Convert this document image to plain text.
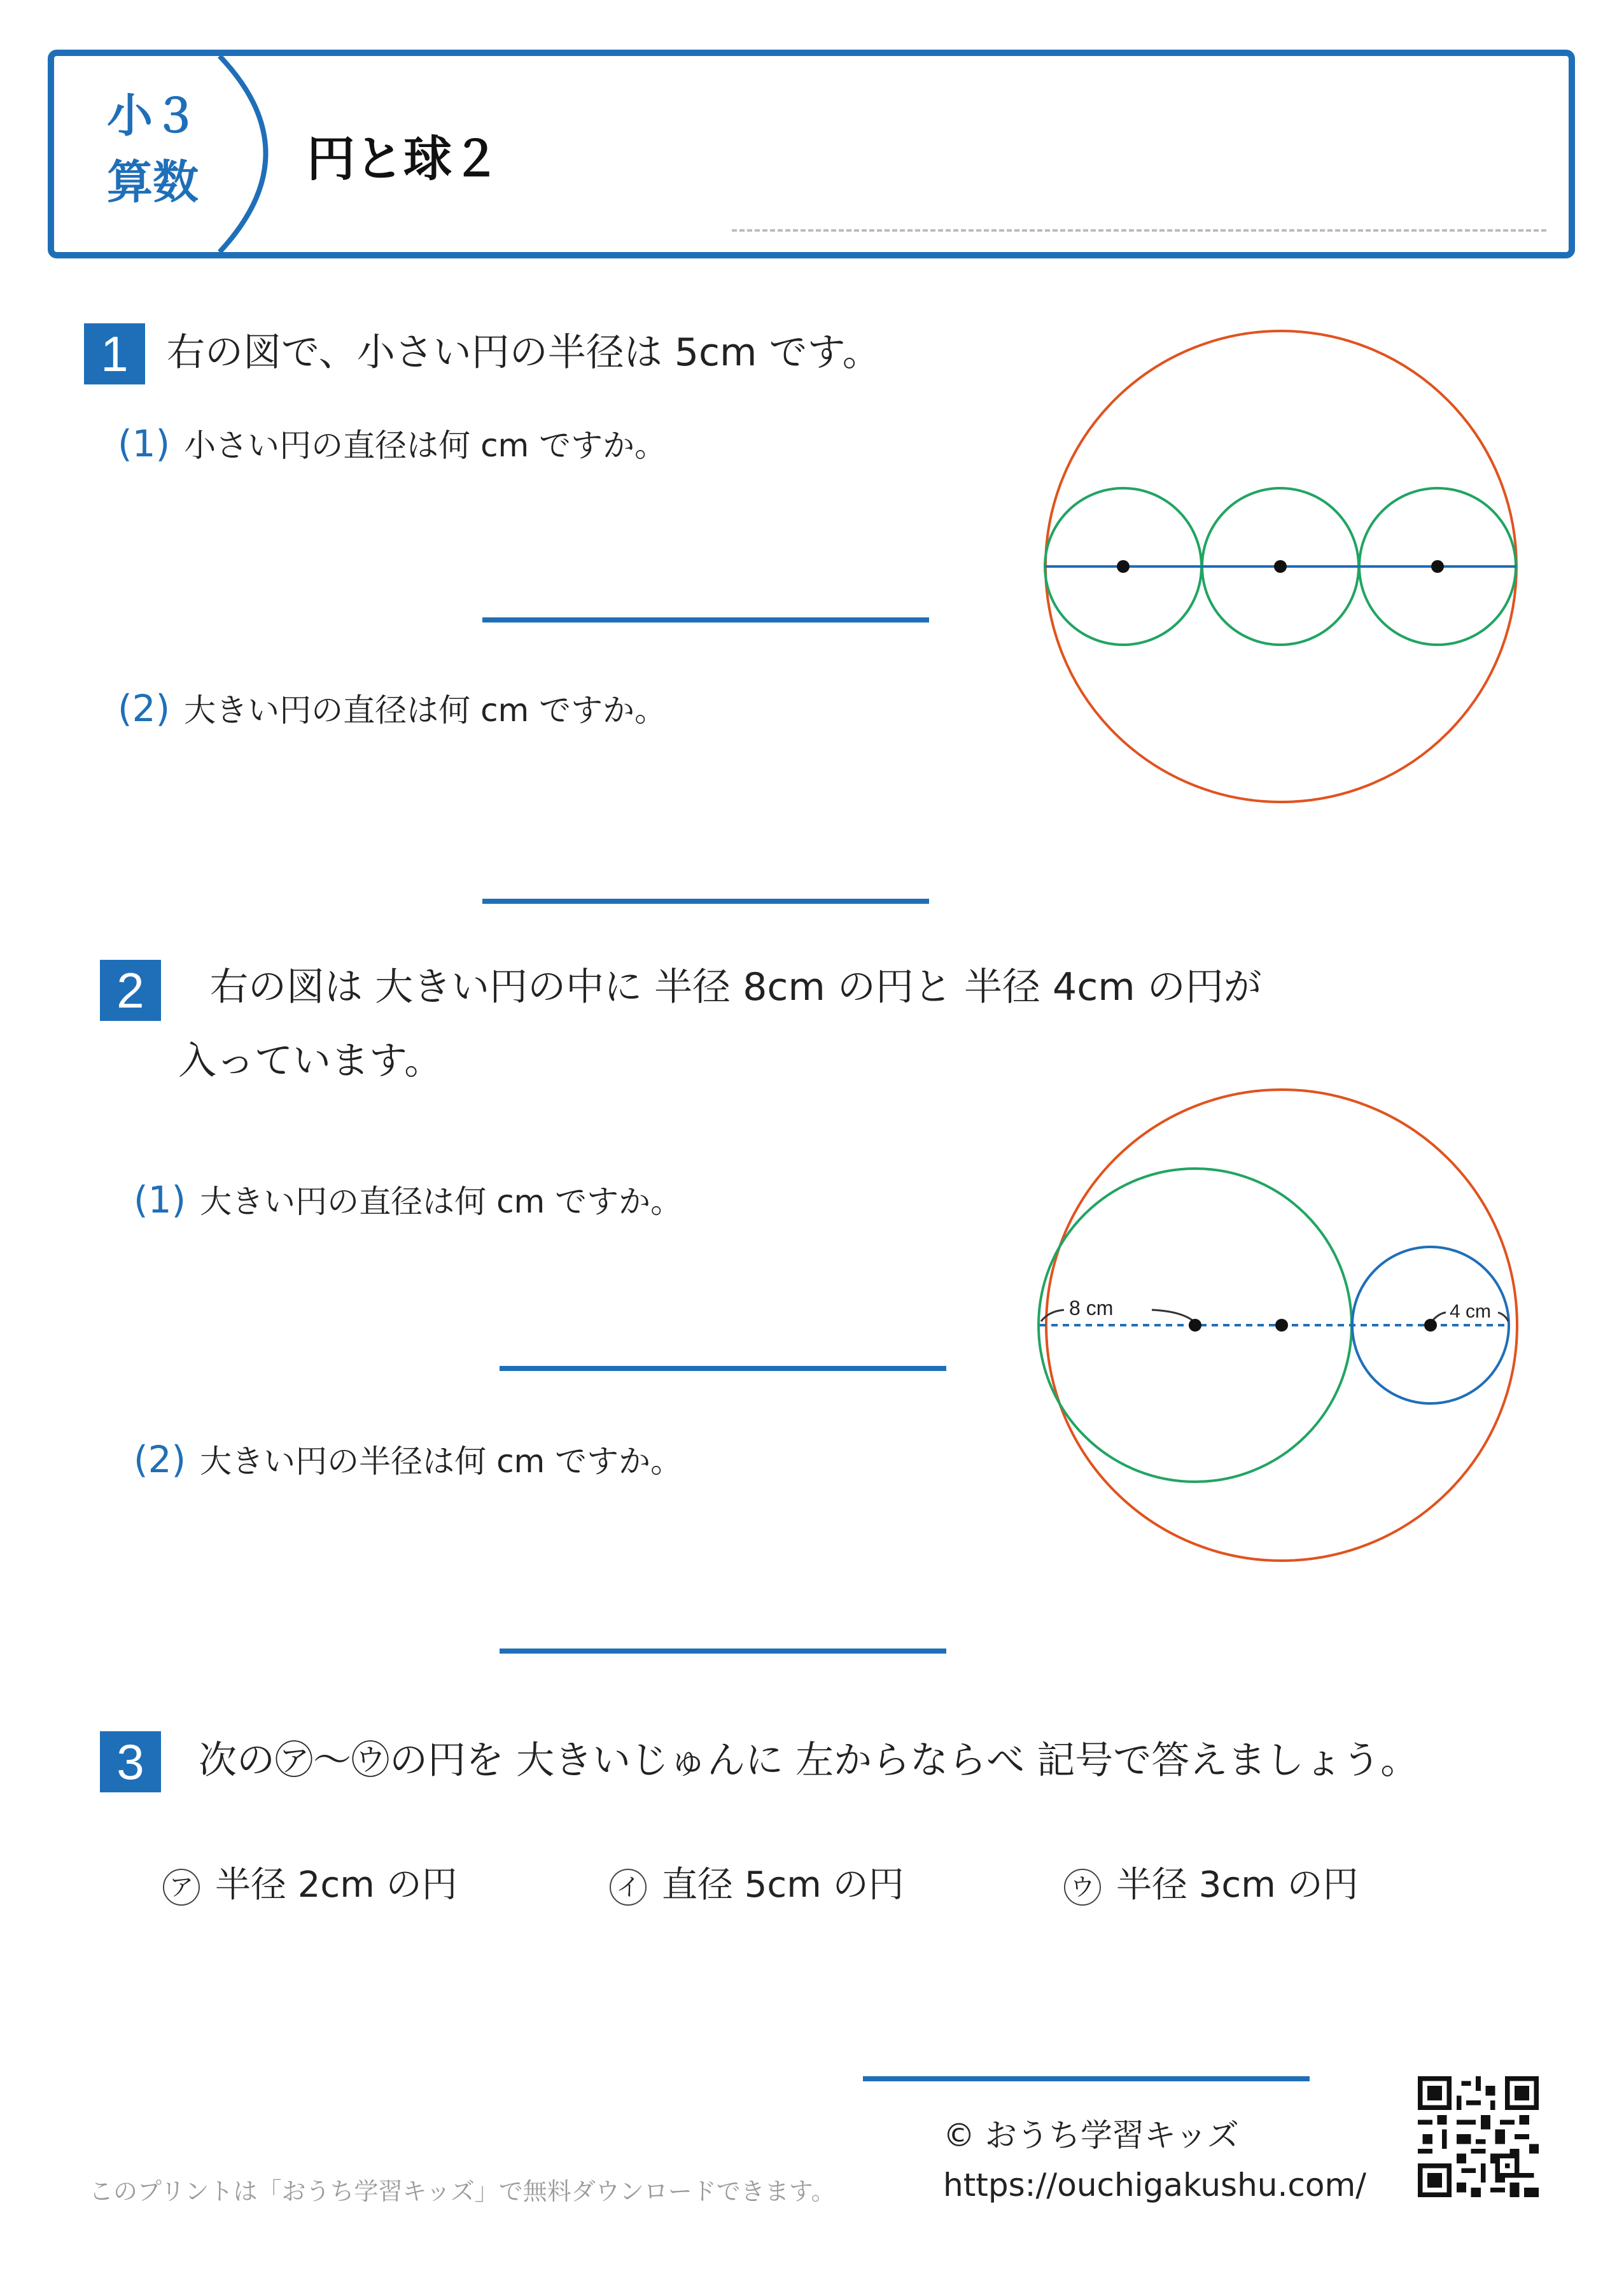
小３
算数	円と球２
1	右の図で、小さい円の半径は 5cm です。
(1) 小さい円の直径は何 cm ですか。
(2) 大きい円の直径は何 cm ですか。
2	右の図は 大きい円の中に 半径 8cm の円と 半径 4cm の円が
入っています。
(1) 大きい円の直径は何 cm ですか。
(2) 大きい円の半径は何 cm ですか。
8 cm	4 cm
3	次の㋐〜㋒の円を 大きいじゅんに 左からならべ 記号で答えましょう。
ア 半径 2cm の円	イ 直径 5cm の円	ウ 半径 3cm の円
このプリントは「おうち学習キッズ」で無料ダウンロードできます。
© おうち学習キッズ
https://ouchigakushu.com/
